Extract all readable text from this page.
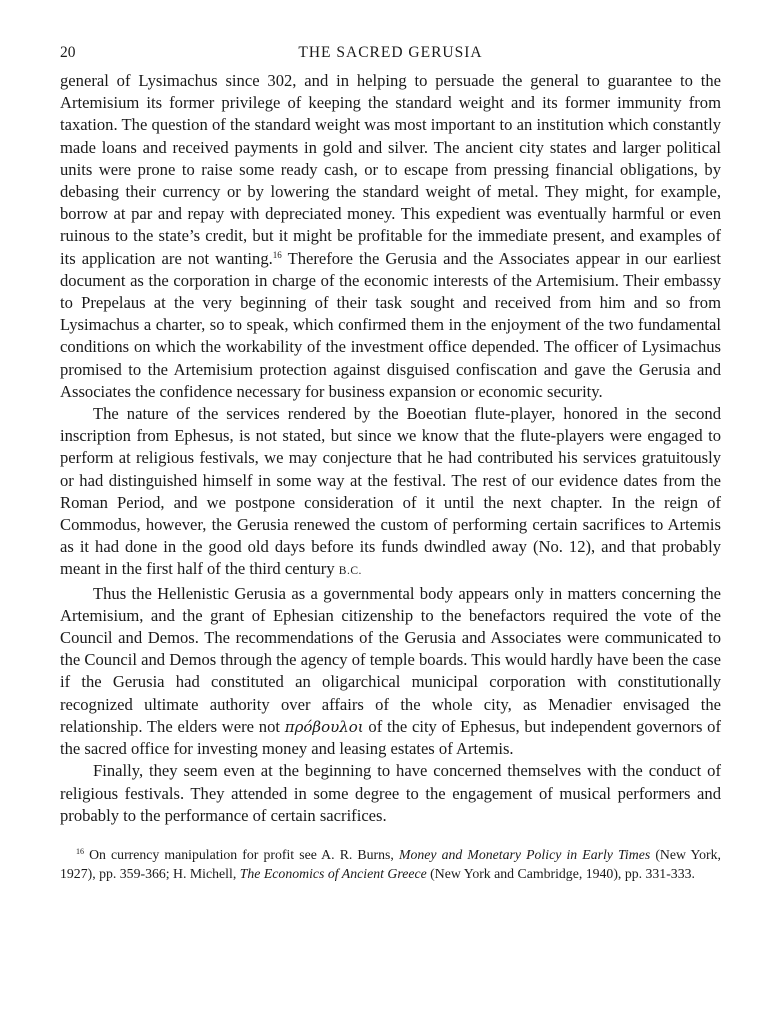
20	THE SACRED GERUSIA

general of Lysimachus since 302, and in helping to persuade the general to guarantee to the Artemisium its former privilege of keeping the standard weight and its former immunity from taxation. The question of the standard weight was most important to an institution which constantly made loans and received payments in gold and silver. The ancient city states and larger political units were prone to raise some ready cash, or to escape from pressing financial obligations, by debasing their currency or by lowering the standard weight of metal. They might, for example, borrow at par and repay with depreciated money. This expedient was eventually harmful or even ruinous to the state’s credit, but it might be profitable for the immediate present, and examples of its application are not wanting.$^{16}$ Therefore the Gerusia and the Associates appear in our earliest document as the corporation in charge of the economic interests of the Artemisium. Their embassy to Prepelaus at the very beginning of their task sought and received from him and so from Lysimachus a charter, so to speak, which confirmed them in the enjoyment of the two fundamental conditions on which the workability of the investment office depended. The officer of Lysimachus promised to the Artemisium protection against disguised confiscation and gave the Gerusia and Associates the confidence necessary for business expansion or economic security.

The nature of the services rendered by the Boeotian flute-player, honored in the second inscription from Ephesus, is not stated, but since we know that the flute-players were engaged to perform at religious festivals, we may conjecture that he had contributed his services gratuitously or had distinguished himself in some way at the festival. The rest of our evidence dates from the Roman Period, and we postpone consideration of it until the next chapter. In the reign of Commodus, however, the Gerusia renewed the custom of performing certain sacrifices to Artemis as it had done in the good old days before its funds dwindled away (No. 12), and that probably meant in the first half of the third century B.C.

Thus the Hellenistic Gerusia as a governmental body appears only in matters concerning the Artemisium, and the grant of Ephesian citizenship to the benefactors required the vote of the Council and Demos. The recommendations of the Gerusia and Associates were communicated to the Council and Demos through the agency of temple boards. This would hardly have been the case if the Gerusia had constituted an oligarchical municipal corporation with constitutionally recognized ultimate authority over affairs of the whole city, as Menadier envisaged the relationship. The elders were not πρόβουλοι of the city of Ephesus, but independent governors of the sacred office for investing money and leasing estates of Artemis.

Finally, they seem even at the beginning to have concerned themselves with the conduct of religious festivals. They attended in some degree to the engagement of musical performers and probably to the performance of certain sacrifices.

$^{16}$ On currency manipulation for profit see A. R. Burns, Money and Monetary Policy in Early Times (New York, 1927), pp. 359-366; H. Michell, The Economics of Ancient Greece (New York and Cambridge, 1940), pp. 331-333.
